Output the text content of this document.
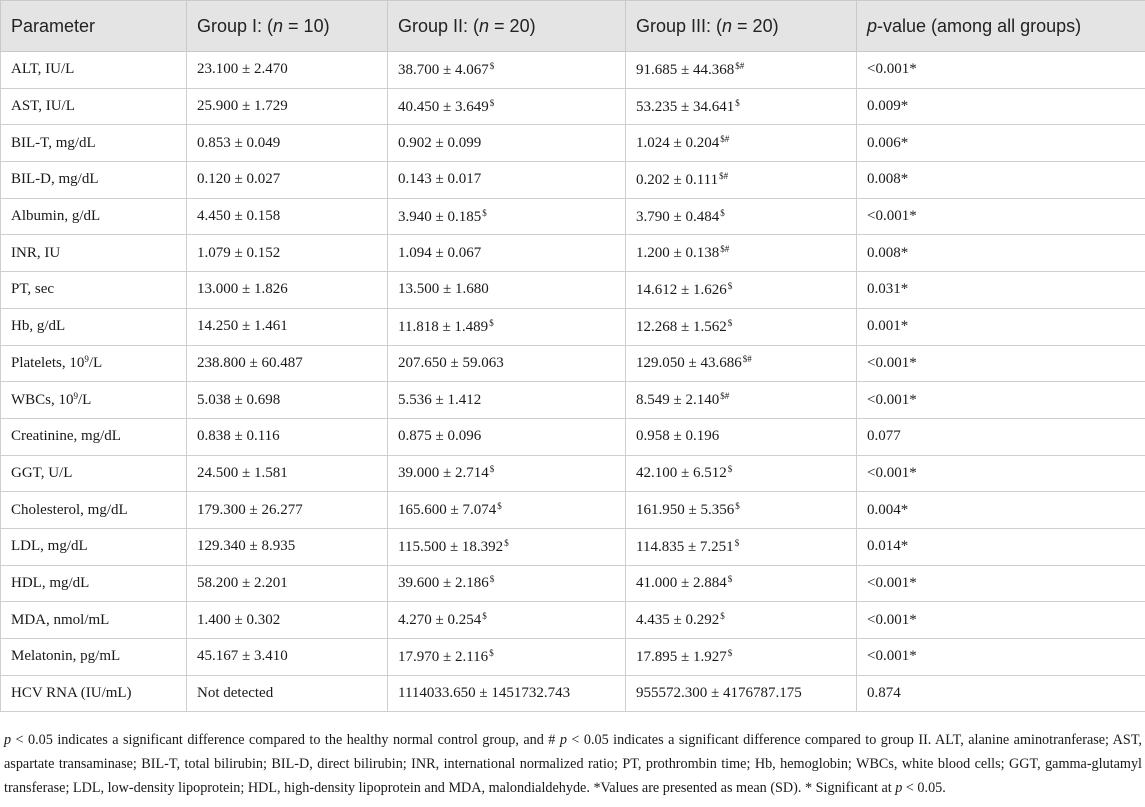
Parameter	Group I: (n = 10)	Group II: (n = 20)	Group III: (n = 20)	p-value (among all groups)
ALT, IU/L	23.100 ± 2.470	38.700 ± 4.067$	91.685 ± 44.368$#	<0.001*
AST, IU/L	25.900 ± 1.729	40.450 ± 3.649$	53.235 ± 34.641$	0.009*
BIL-T, mg/dL	0.853 ± 0.049	0.902 ± 0.099	1.024 ± 0.204$#	0.006*
BIL-D, mg/dL	0.120 ± 0.027	0.143 ± 0.017	0.202 ± 0.111$#	0.008*
Albumin, g/dL	4.450 ± 0.158	3.940 ± 0.185$	3.790 ± 0.484$	<0.001*
INR, IU	1.079 ± 0.152	1.094 ± 0.067	1.200 ± 0.138$#	0.008*
PT, sec	13.000 ± 1.826	13.500 ± 1.680	14.612 ± 1.626$	0.031*
Hb, g/dL	14.250 ± 1.461	11.818 ± 1.489$	12.268 ± 1.562$	0.001*
Platelets, $10^9/L$	238.800 ± 60.487	207.650 ± 59.063	129.050 ± 43.686$#	<0.001*
WBCs, $10^9/L$	5.038 ± 0.698	5.536 ± 1.412	8.549 ± 2.140$#	<0.001*
Creatinine, mg/dL	0.838 ± 0.116	0.875 ± 0.096	0.958 ± 0.196	0.077
GGT, U/L	24.500 ± 1.581	39.000 ± 2.714$	42.100 ± 6.512$	<0.001*
Cholesterol, mg/dL	179.300 ± 26.277	165.600 ± 7.074$	161.950 ± 5.356$	0.004*
LDL, mg/dL	129.340 ± 8.935	115.500 ± 18.392$	114.835 ± 7.251$	0.014*
HDL, mg/dL	58.200 ± 2.201	39.600 ± 2.186$	41.000 ± 2.884$	<0.001*
MDA, nmol/mL	1.400 ± 0.302	4.270 ± 0.254$	4.435 ± 0.292$	<0.001*
Melatonin, pg/mL	45.167 ± 3.410	17.970 ± 2.116$	17.895 ± 1.927$	<0.001*
HCV RNA (IU/mL)	Not detected	1114033.650 ± 1451732.743	955572.300 ± 4176787.175	0.874

p < 0.05 indicates a significant difference compared to the healthy normal control group, and # p < 0.05 indicates a significant difference compared to group II. ALT, alanine aminotranferase; AST, aspartate transaminase; BIL-T, total bilirubin; BIL-D, direct bilirubin; INR, international normalized ratio; PT, prothrombin time; Hb, hemoglobin; WBCs, white blood cells; GGT, gamma-glutamyl transferase; LDL, low-density lipoprotein; HDL, high-density lipoprotein and MDA, malondialdehyde. *Values are presented as mean (SD). * Significant at p < 0.05.
